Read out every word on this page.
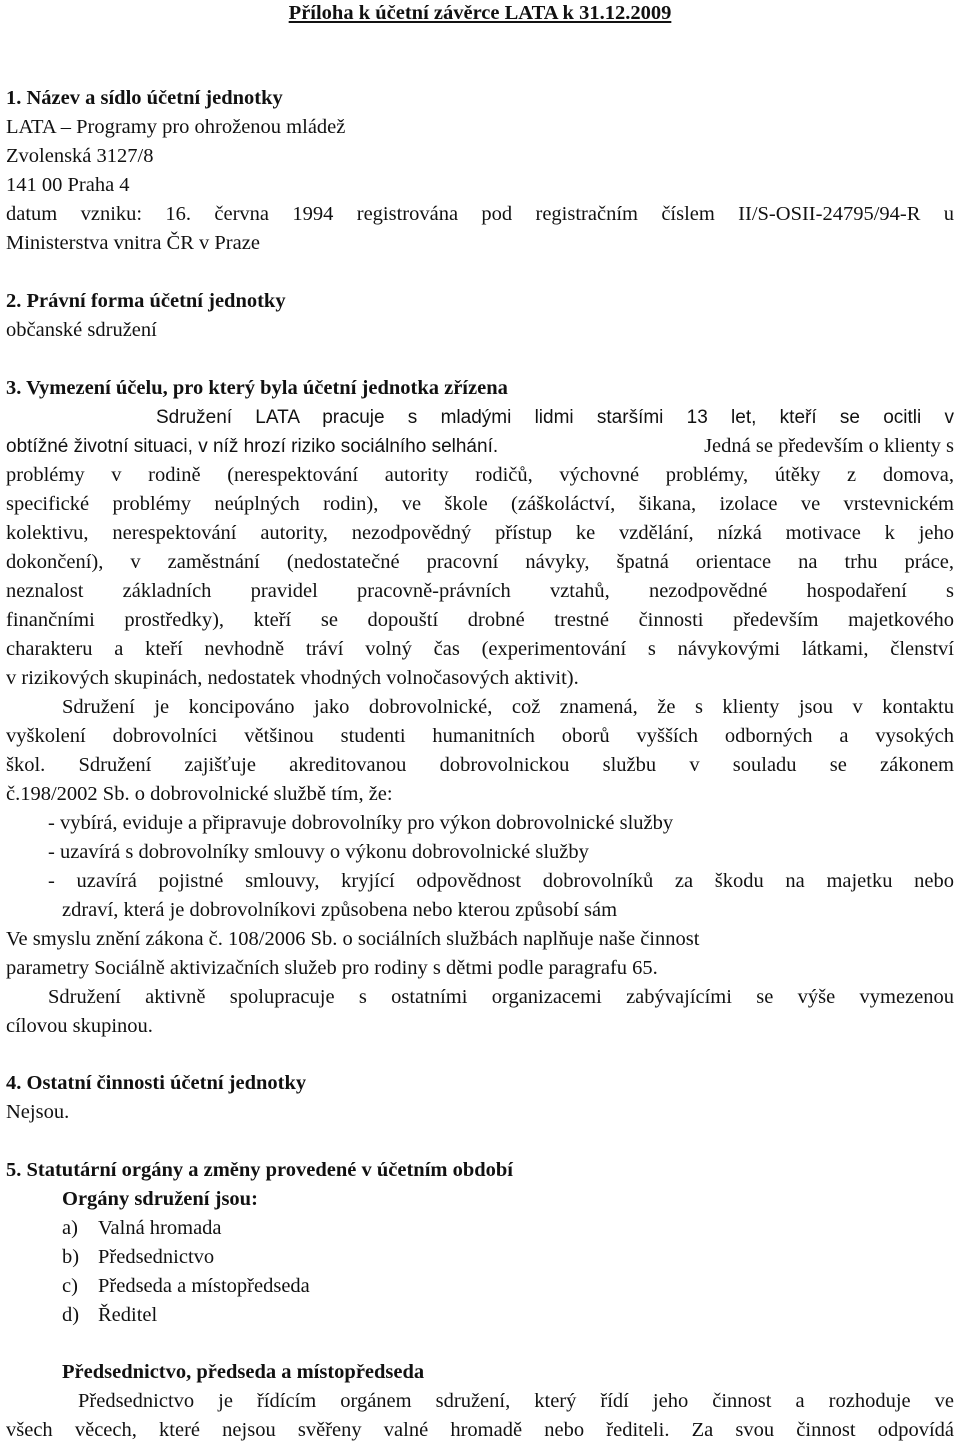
Příloha k účetní závěrce LATA k 31.12.2009
1. Název a sídlo účetní jednotky
LATA – Programy pro ohroženou mládež
Zvolenská 3127/8
141 00 Praha 4
datum vzniku: 16. června 1994 registrována pod registračním číslem II/S-OSII-24795/94-R u
Ministerstva vnitra ČR v Praze
2. Právní forma účetní jednotky
občanské sdružení
3. Vymezení účelu, pro který byla účetní jednotka zřízena
Sdružení LATA pracuje s mladými lidmi staršími 13 let, kteří se ocitli v
obtížné životní situaci, v níž hrozí riziko sociálního selhání.	Jedná se především o klienty s
problémy v rodině (nerespektování autority rodičů, výchovné problémy, útěky z domova,
specifické problémy neúplných rodin), ve škole (záškoláctví, šikana, izolace ve vrstevnickém
kolektivu, nerespektování autority, nezodpovědný přístup ke vzdělání, nízká motivace k jeho
dokončení), v zaměstnání (nedostatečné pracovní návyky, špatná orientace na trhu práce,
neznalost základních pravidel pracovně-právních vztahů, nezodpovědné hospodaření s
finančními prostředky), kteří se dopouští drobné trestné činnosti především majetkového
charakteru a kteří nevhodně tráví volný čas (experimentování s návykovými látkami, členství
v rizikových skupinách, nedostatek vhodných volnočasových aktivit).
Sdružení je koncipováno jako dobrovolnické, což znamená, že s klienty jsou v kontaktu
vyškolení dobrovolníci většinou studenti humanitních oborů vyšších odborných a vysokých
škol. Sdružení zajišťuje akreditovanou dobrovolnickou službu v souladu se zákonem
č.198/2002 Sb. o dobrovolnické službě tím, že:
- vybírá, eviduje a připravuje dobrovolníky pro výkon dobrovolnické služby
- uzavírá s dobrovolníky smlouvy o výkonu dobrovolnické služby
- uzavírá pojistné smlouvy, kryjící odpovědnost dobrovolníků za škodu na majetku nebo
zdraví, která je dobrovolníkovi způsobena nebo kterou způsobí sám
Ve smyslu znění zákona č. 108/2006 Sb. o sociálních službách naplňuje naše činnost
parametry Sociálně aktivizačních služeb pro rodiny s dětmi podle paragrafu 65.
Sdružení aktivně spolupracuje s ostatními organizacemi zabývajícími se výše vymezenou
cílovou skupinou.
4. Ostatní činnosti účetní jednotky
Nejsou.
5. Statutární orgány a změny provedené v účetním období
Orgány sdružení jsou:
a) Valná hromada
b) Předsednictvo
c) Předseda a místopředseda
d) Ředitel
Předsednictvo, předseda a místopředseda
Předsednictvo je řídícím orgánem sdružení, který řídí jeho činnost a rozhoduje ve
všech věcech, které nejsou svěřeny valné hromadě nebo řediteli. Za svou činnost odpovídá
